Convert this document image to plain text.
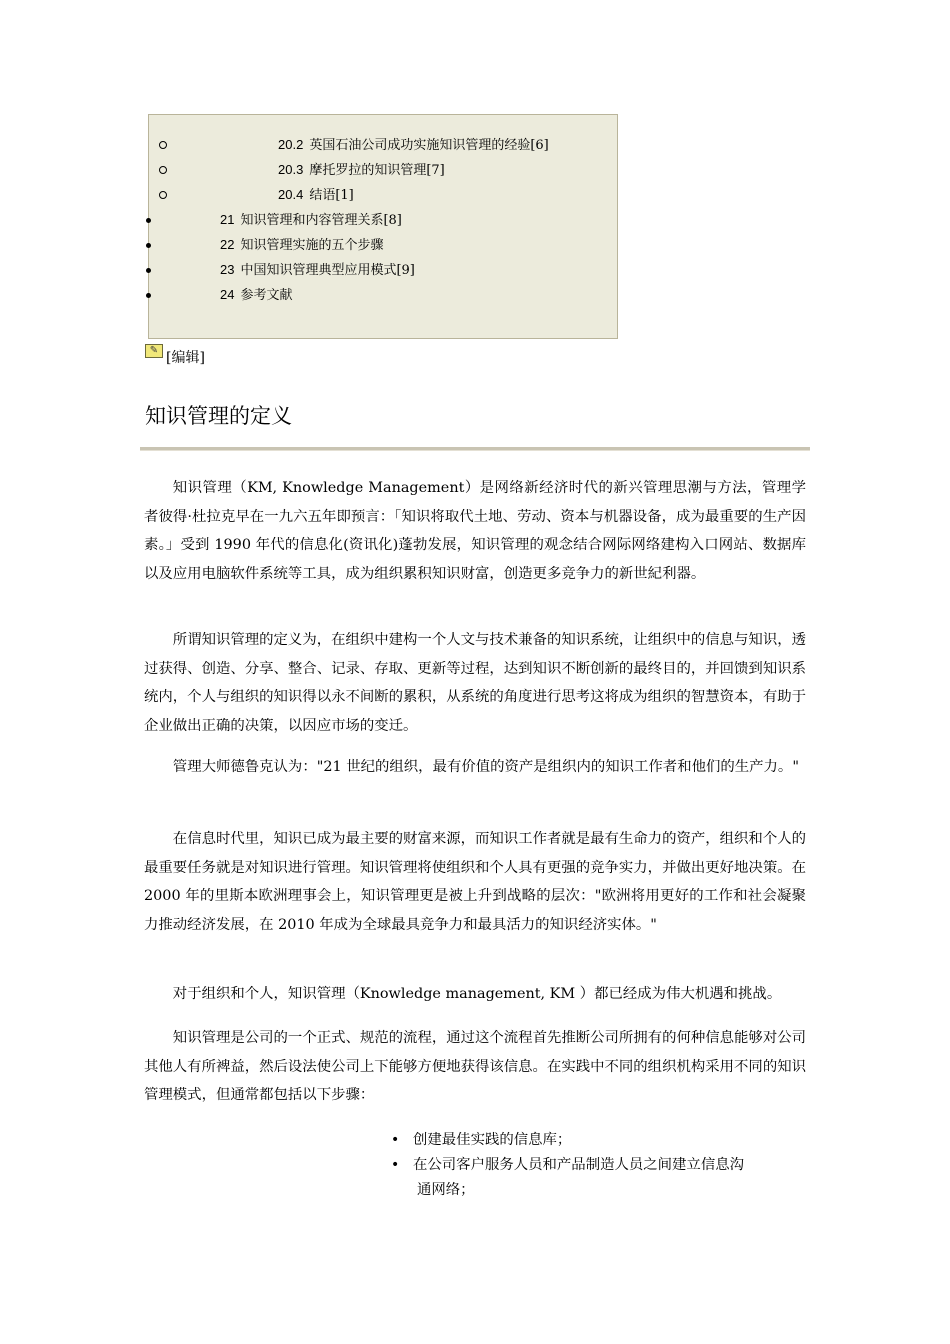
20.2 英国石油公司成功实施知识管理的经验[6]
20.3 摩托罗拉的知识管理[7]
20.4 结语[1]
21 知识管理和内容管理关系[8]
22 知识管理实施的五个步骤
23 中国知识管理典型应用模式[9]
24 参考文献
✎ [编辑]
知识管理的定义

知识管理（KM, Knowledge Management）是网络新经济时代的新兴管理思潮与方法，管理学者彼得·杜拉克早在一九六五年即预言：「知识将取代土地、劳动、资本与机器设备，成为最重要的生产因素。」受到 1990 年代的信息化(资讯化)蓬勃发展，知识管理的观念结合网际网络建构入口网站、数据库以及应用电脑软件系统等工具，成为组织累积知识财富，创造更多竞争力的新世紀利器。

所谓知识管理的定义为，在组织中建构一个人文与技术兼备的知识系统，让组织中的信息与知识，透过获得、创造、分享、整合、记录、存取、更新等过程，达到知识不断创新的最终目的，并回馈到知识系统内，个人与组织的知识得以永不间断的累积，从系统的角度进行思考这将成为组织的智慧资本，有助于企业做出正确的决策，以因应市场的变迁。

管理大师德鲁克认为："21 世纪的组织，最有价值的资产是组织内的知识工作者和他们的生产力。"

在信息时代里，知识已成为最主要的财富来源，而知识工作者就是最有生命力的资产，组织和个人的最重要任务就是对知识进行管理。知识管理将使组织和个人具有更强的竞争实力，并做出更好地决策。在 2000 年的里斯本欧洲理事会上，知识管理更是被上升到战略的层次："欧洲将用更好的工作和社会凝聚力推动经济发展，在 2010 年成为全球最具竞争力和最具活力的知识经济实体。"

对于组织和个人，知识管理（Knowledge management, KM ）都已经成为伟大机遇和挑战。

知识管理是公司的一个正式、规范的流程，通过这个流程首先推断公司所拥有的何种信息能够对公司其他人有所裨益，然后设法使公司上下能够方便地获得该信息。在实践中不同的组织机构采用不同的知识管理模式，但通常都包括以下步骤：

• 创建最佳实践的信息库；
• 在公司客户服务人员和产品制造人员之间建立信息沟
通网络；
